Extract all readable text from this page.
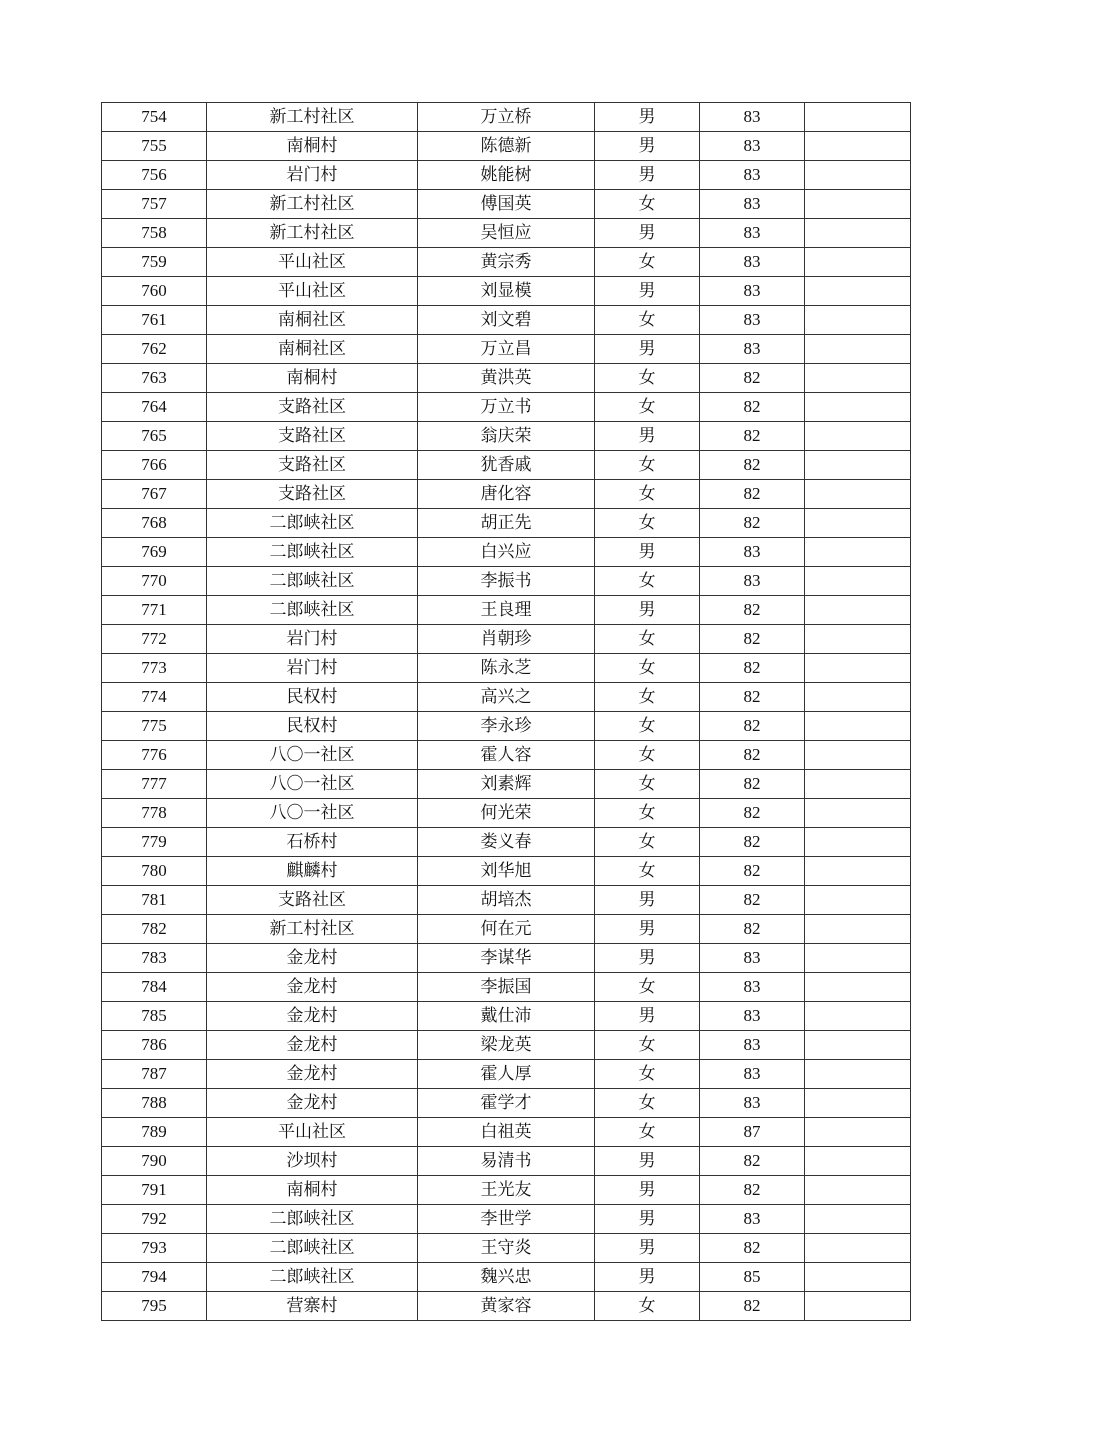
754	新工村社区	万立桥	男	83	
755	南桐村	陈德新	男	83	
756	岩门村	姚能树	男	83	
757	新工村社区	傅国英	女	83	
758	新工村社区	吴恒应	男	83	
759	平山社区	黄宗秀	女	83	
760	平山社区	刘显模	男	83	
761	南桐社区	刘文碧	女	83	
762	南桐社区	万立昌	男	83	
763	南桐村	黄洪英	女	82	
764	支路社区	万立书	女	82	
765	支路社区	翁庆荣	男	82	
766	支路社区	犹香戚	女	82	
767	支路社区	唐化容	女	82	
768	二郎峡社区	胡正先	女	82	
769	二郎峡社区	白兴应	男	83	
770	二郎峡社区	李振书	女	83	
771	二郎峡社区	王良理	男	82	
772	岩门村	肖朝珍	女	82	
773	岩门村	陈永芝	女	82	
774	民权村	高兴之	女	82	
775	民权村	李永珍	女	82	
776	八〇一社区	霍人容	女	82	
777	八〇一社区	刘素辉	女	82	
778	八〇一社区	何光荣	女	82	
779	石桥村	娄义春	女	82	
780	麒麟村	刘华旭	女	82	
781	支路社区	胡培杰	男	82	
782	新工村社区	何在元	男	82	
783	金龙村	李谋华	男	83	
784	金龙村	李振国	女	83	
785	金龙村	戴仕沛	男	83	
786	金龙村	梁龙英	女	83	
787	金龙村	霍人厚	女	83	
788	金龙村	霍学才	女	83	
789	平山社区	白祖英	女	87	
790	沙坝村	易清书	男	82	
791	南桐村	王光友	男	82	
792	二郎峡社区	李世学	男	83	
793	二郎峡社区	王守炎	男	82	
794	二郎峡社区	魏兴忠	男	85	
795	营寨村	黄家容	女	82	
